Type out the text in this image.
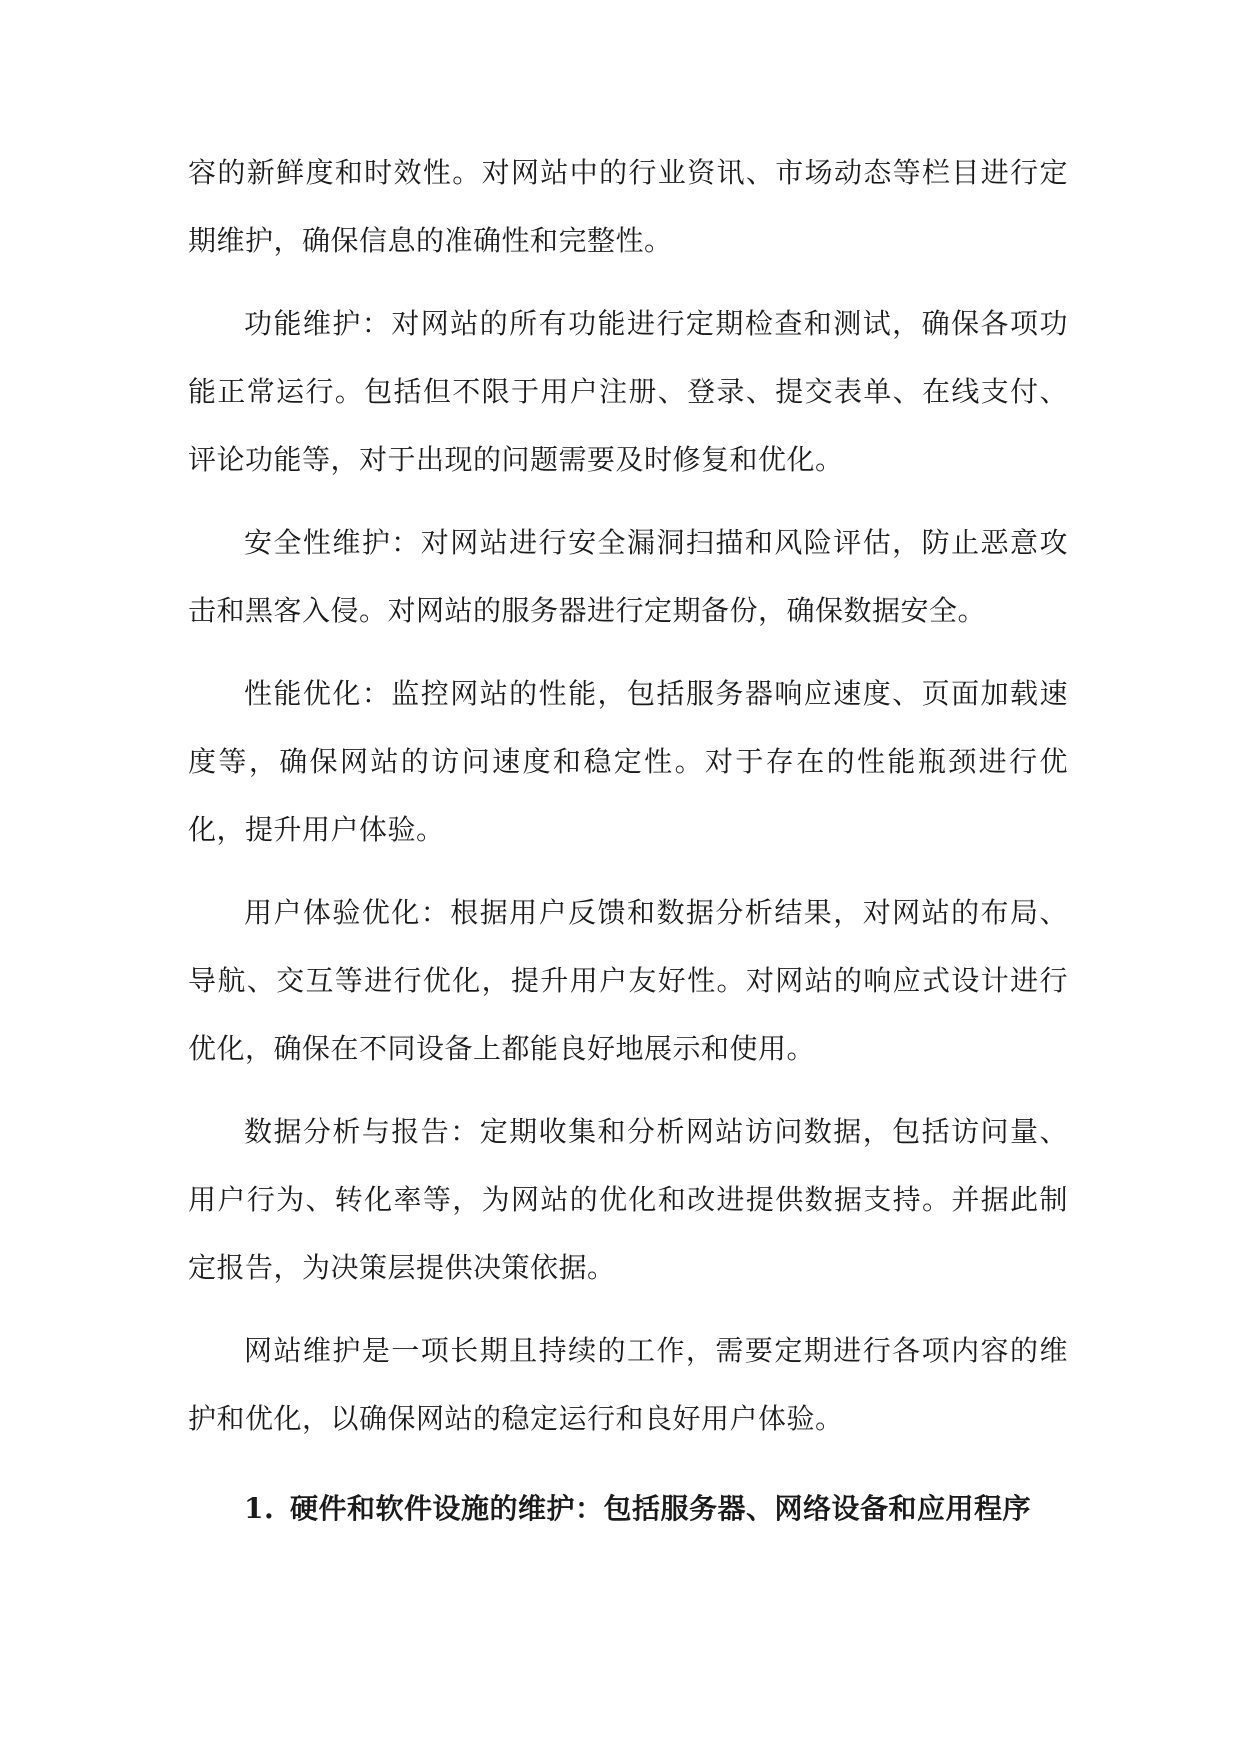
容的新鲜度和时效性。对网站中的行业资讯、市场动态等栏目进行定期维护，确保信息的准确性和完整性。

功能维护：对网站的所有功能进行定期检查和测试，确保各项功能正常运行。包括但不限于用户注册、登录、提交表单、在线支付、评论功能等，对于出现的问题需要及时修复和优化。

安全性维护：对网站进行安全漏洞扫描和风险评估，防止恶意攻击和黑客入侵。对网站的服务器进行定期备份，确保数据安全。

性能优化：监控网站的性能，包括服务器响应速度、页面加载速度等，确保网站的访问速度和稳定性。对于存在的性能瓶颈进行优化，提升用户体验。

用户体验优化：根据用户反馈和数据分析结果，对网站的布局、导航、交互等进行优化，提升用户友好性。对网站的响应式设计进行优化，确保在不同设备上都能良好地展示和使用。

数据分析与报告：定期收集和分析网站访问数据，包括访问量、用户行为、转化率等，为网站的优化和改进提供数据支持。并据此制定报告，为决策层提供决策依据。

网站维护是一项长期且持续的工作，需要定期进行各项内容的维护和优化，以确保网站的稳定运行和良好用户体验。

1. 硬件和软件设施的维护：包括服务器、网络设备和应用程序
